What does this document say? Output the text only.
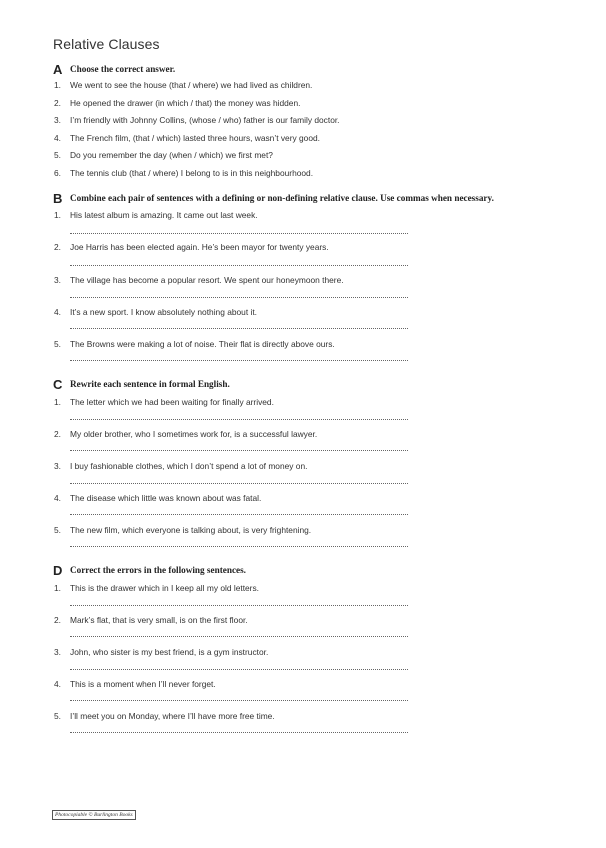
Relative Clauses
A Choose the correct answer.
1. We went to see the house (that / where) we had lived as children.
2. He opened the drawer (in which / that) the money was hidden.
3. I’m friendly with Johnny Collins, (whose / who) father is our family doctor.
4. The French film, (that / which) lasted three hours, wasn’t very good.
5. Do you remember the day (when / which) we first met?
6. The tennis club (that / where) I belong to is in this neighbourhood.
B Combine each pair of sentences with a defining or non-defining relative clause. Use commas when necessary.
1. His latest album is amazing. It came out last week.
2. Joe Harris has been elected again. He’s been mayor for twenty years.
3. The village has become a popular resort. We spent our honeymoon there.
4. It’s a new sport. I know absolutely nothing about it.
5. The Browns were making a lot of noise. Their flat is directly above ours.
C Rewrite each sentence in formal English.
1. The letter which we had been waiting for finally arrived.
2. My older brother, who I sometimes work for, is a successful lawyer.
3. I buy fashionable clothes, which I don’t spend a lot of money on.
4. The disease which little was known about was fatal.
5. The new film, which everyone is talking about, is very frightening.
D Correct the errors in the following sentences.
1. This is the drawer which in I keep all my old letters.
2. Mark’s flat, that is very small, is on the first floor.
3. John, who sister is my best friend, is a gym instructor.
4. This is a moment when I’ll never forget.
5. I’ll meet you on Monday, where I’ll have more free time.
Photocopiable © Burlington Books
